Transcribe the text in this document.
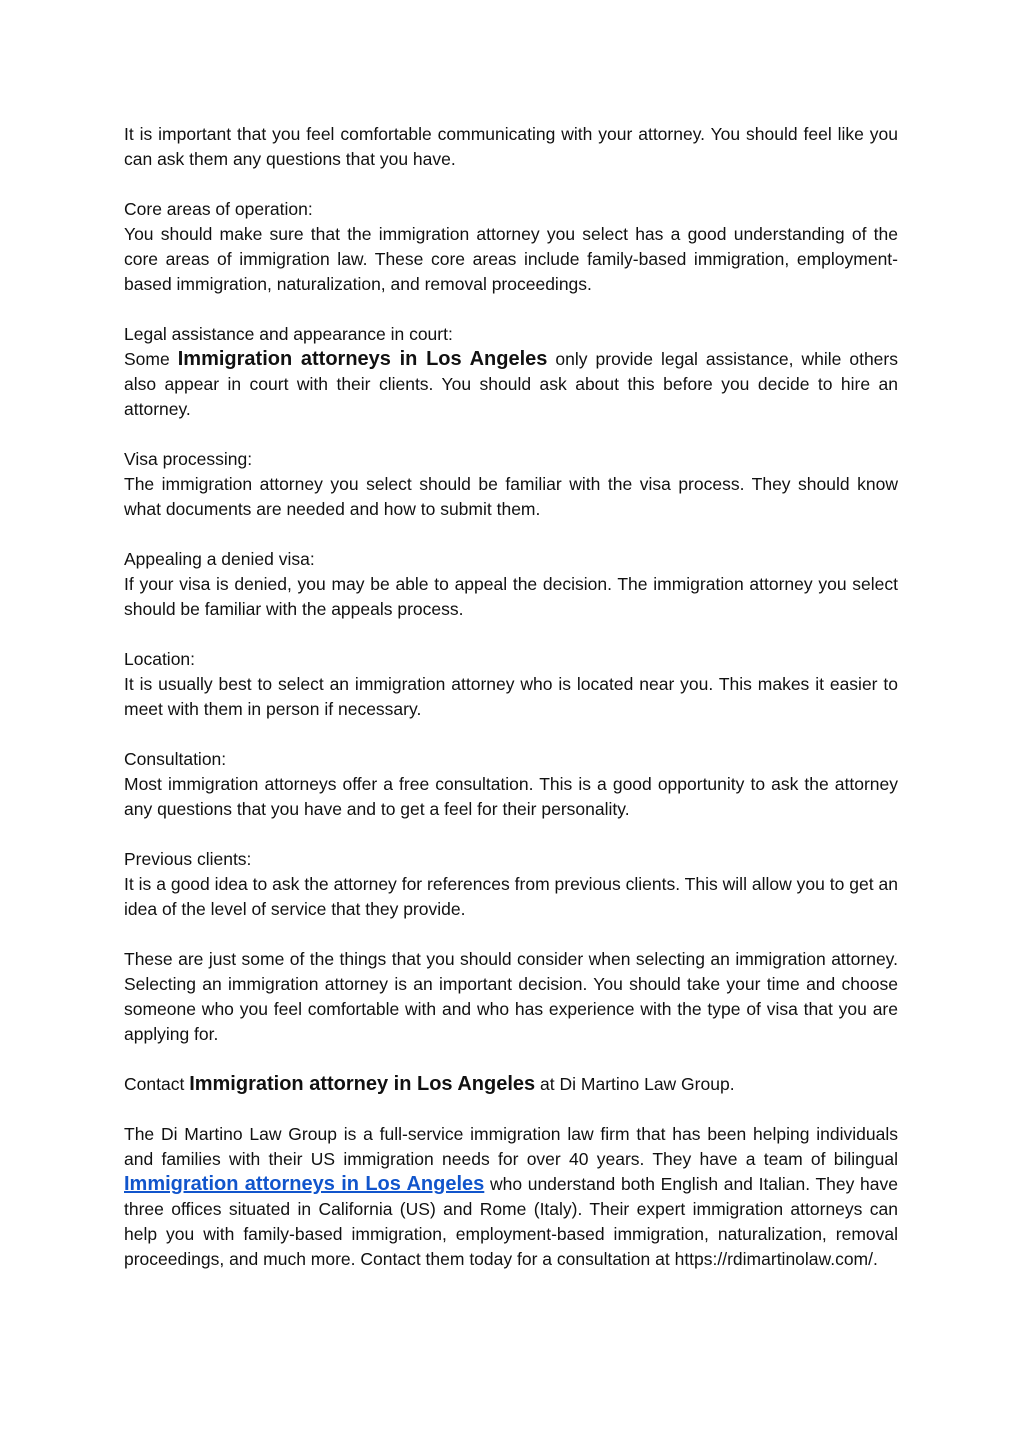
It is important that you feel comfortable communicating with your attorney. You should feel like you can ask them any questions that you have.

Core areas of operation:
You should make sure that the immigration attorney you select has a good understanding of the core areas of immigration law. These core areas include family-based immigration, employment-based immigration, naturalization, and removal proceedings.

Legal assistance and appearance in court:
Some Immigration attorneys in Los Angeles only provide legal assistance, while others also appear in court with their clients. You should ask about this before you decide to hire an attorney.

Visa processing:
The immigration attorney you select should be familiar with the visa process. They should know what documents are needed and how to submit them.

Appealing a denied visa:
If your visa is denied, you may be able to appeal the decision. The immigration attorney you select should be familiar with the appeals process.

Location:
It is usually best to select an immigration attorney who is located near you. This makes it easier to meet with them in person if necessary.

Consultation:
Most immigration attorneys offer a free consultation. This is a good opportunity to ask the attorney any questions that you have and to get a feel for their personality.

Previous clients:
It is a good idea to ask the attorney for references from previous clients. This will allow you to get an idea of the level of service that they provide.

These are just some of the things that you should consider when selecting an immigration attorney. Selecting an immigration attorney is an important decision. You should take your time and choose someone who you feel comfortable with and who has experience with the type of visa that you are applying for.

Contact Immigration attorney in Los Angeles at Di Martino Law Group.

The Di Martino Law Group is a full-service immigration law firm that has been helping individuals and families with their US immigration needs for over 40 years. They have a team of bilingual Immigration attorneys in Los Angeles who understand both English and Italian. They have three offices situated in California (US) and Rome (Italy). Their expert immigration attorneys can help you with family-based immigration, employment-based immigration, naturalization, removal proceedings, and much more. Contact them today for a consultation at https://rdimartinolaw.com/.
